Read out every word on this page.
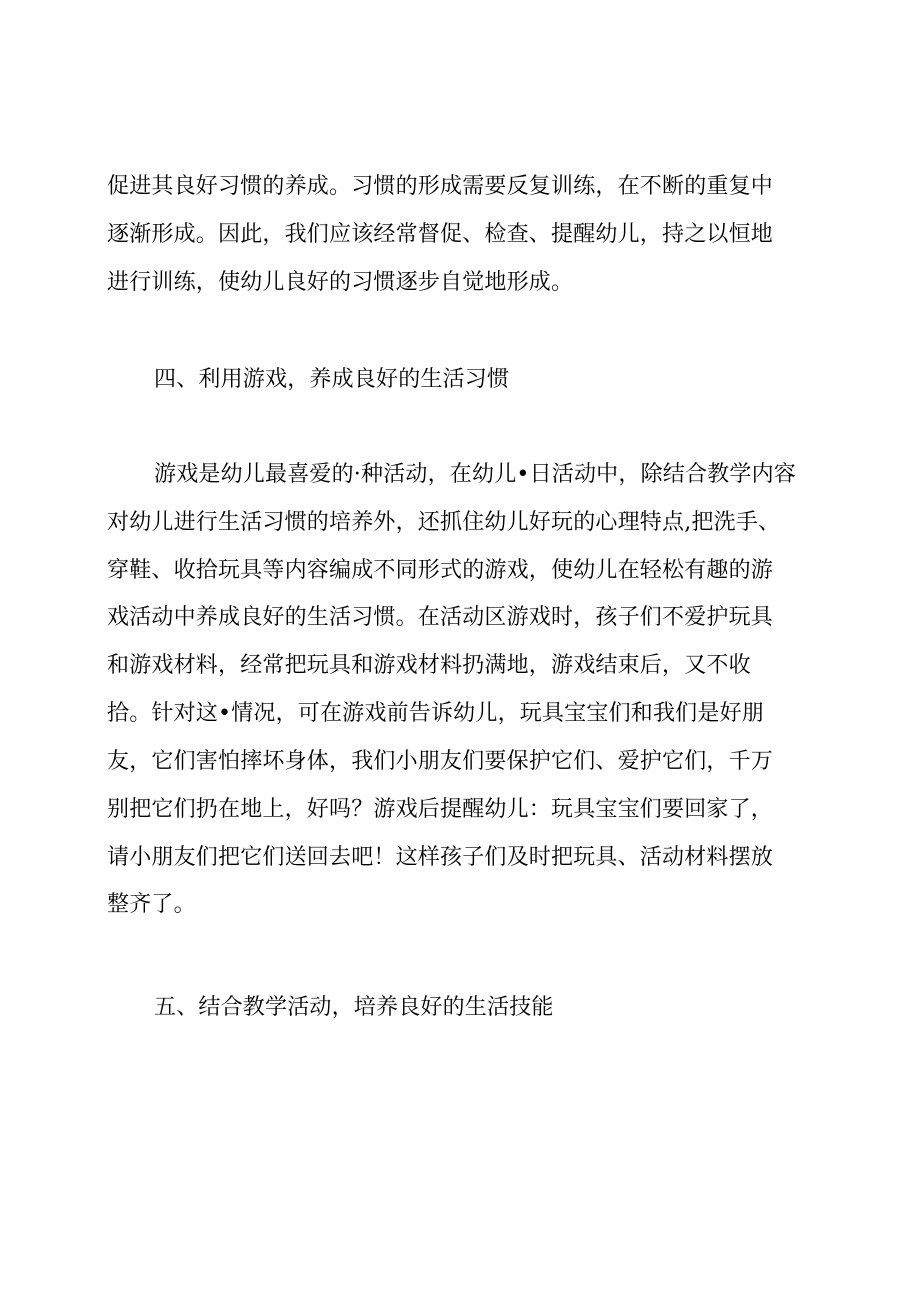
促进其良好习惯的养成。习惯的形成需要反复训练，在不断的重复中

逐渐形成。因此，我们应该经常督促、检查、提醒幼儿，持之以恒地

进行训练，使幼儿良好的习惯逐步自觉地形成。

四、利用游戏，养成良好的生活习惯

游戏是幼儿最喜爱的·种活动，在幼儿•日活动中，除结合教学内容

对幼儿进行生活习惯的培养外，还抓住幼儿好玩的心理特点,把洗手、

穿鞋、收拾玩具等内容编成不同形式的游戏，使幼儿在轻松有趣的游

戏活动中养成良好的生活习惯。在活动区游戏时，孩子们不爱护玩具

和游戏材料，经常把玩具和游戏材料扔满地，游戏结束后，又不收

拾。针对这•情况，可在游戏前告诉幼儿，玩具宝宝们和我们是好朋

友，它们害怕摔坏身体，我们小朋友们要保护它们、爱护它们，千万

别把它们扔在地上，好吗？游戏后提醒幼儿：玩具宝宝们要回家了，

请小朋友们把它们送回去吧！这样孩子们及时把玩具、活动材料摆放

整齐了。

五、结合教学活动，培养良好的生活技能
